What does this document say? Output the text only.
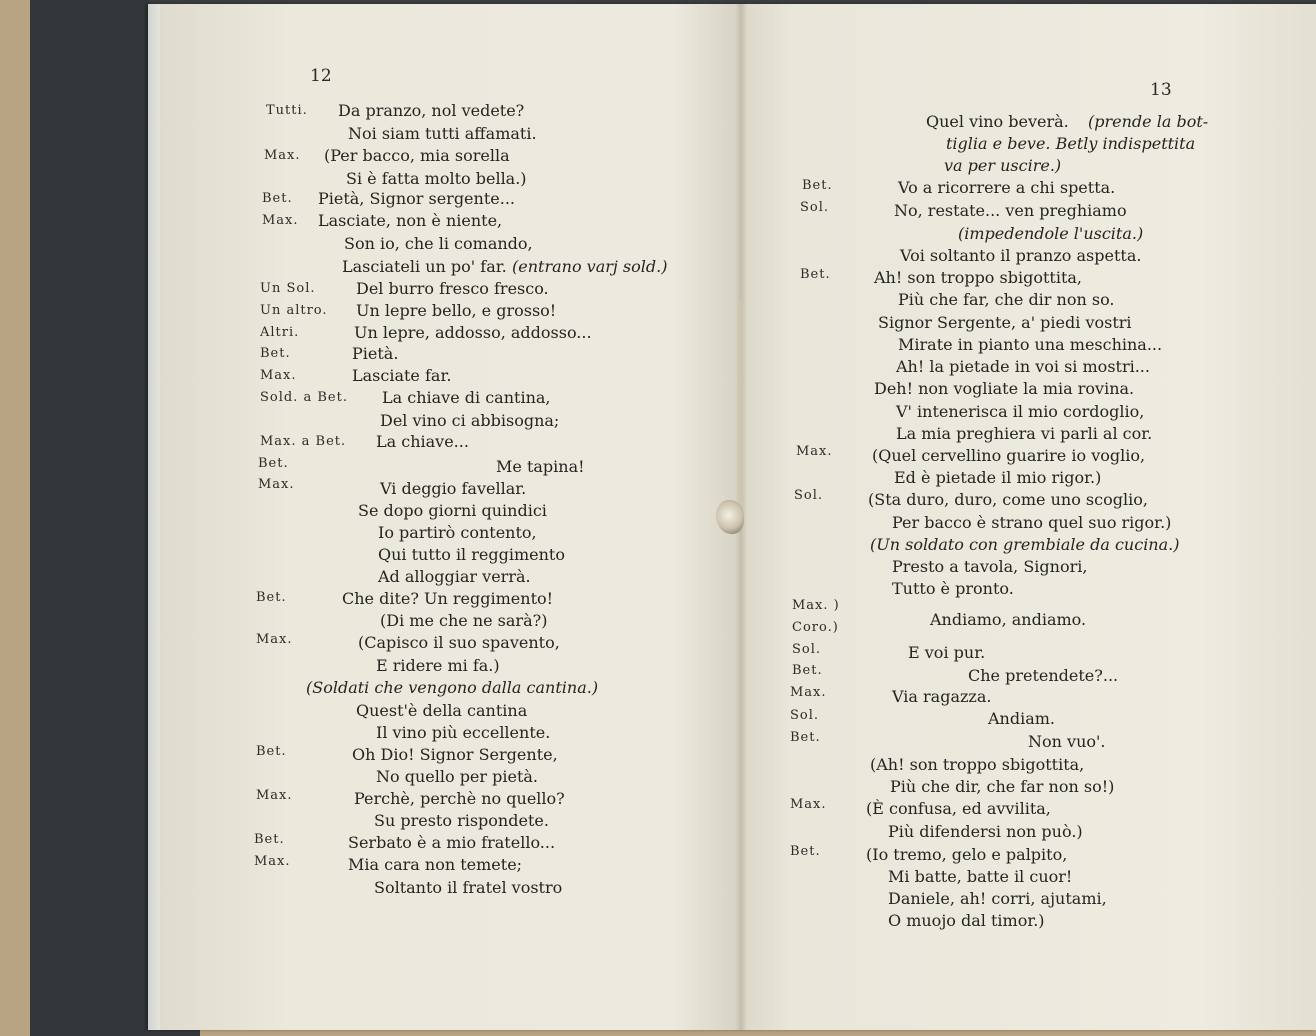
12
Tutti. Da pranzo, nol vedete?
Noi siam tutti affamati.
Max. (Per bacco, mia sorella
Si è fatta molto bella.)
Bet. Pietà, Signor sergente...
Max. Lasciate, non è niente,
Son io, che li comando,
Lasciateli un po' far. (entrano varj sold.)
Un Sol.	Del burro fresco fresco.
Un altro. Un lepre bello, e grosso!
Altri.	Un lepre, addosso, addosso...
Bet.	Pietà.
Max.	Lasciate far.
Sold. a Bet. La chiave di cantina,
Del vino ci abbisogna;
Max. a Bet. La chiave...
Bet.	Me tapina!
Max.	Vi deggio favellar.
Se dopo giorni quindici
Io partirò contento,
Qui tutto il reggimento
Ad alloggiar verrà.
Bet.	Che dite? Un reggimento!
(Di me che ne sarà?)
Max.	(Capisco il suo spavento,
E ridere mi fa.)
(Soldati che vengono dalla cantina.)
Quest'è della cantina
Il vino più eccellente.
Bet.	Oh Dio! Signor Sergente,
No quello per pietà.
Max.	Perchè, perchè no quello?
Su presto rispondete.
Bet.	Serbato è a mio fratello...
Max.	Mia cara non temete;
Soltanto il fratel vostro
13
Quel vino beverà. (prende la bot-
tiglia e beve. Betly indispettita
va per uscire.)
Bet.	Vo a ricorrere a chi spetta.
Sol.	No, restate... ven preghiamo
(impedendole l'uscita.)
Voi soltanto il pranzo aspetta.
Bet.	Ah! son troppo sbigottita,
Più che far, che dir non so.
Signor Sergente, a' piedi vostri
Mirate in pianto una meschina...
Ah! la pietade in voi si mostri...
Deh! non vogliate la mia rovina.
V' intenerisca il mio cordoglio,
La mia preghiera vi parli al cor.
Max. (Quel cervellino guarire io voglio,
Ed è pietade il mio rigor.)
Sol.	(Sta duro, duro, come uno scoglio,
Per bacco è strano quel suo rigor.)
(Un soldato con grembiale da cucina.)
Presto a tavola, Signori,
Tutto è pronto.
Max. )
Coro.)	Andiamo, andiamo.
Sol.	E voi pur.
Bet.	Che pretendete?...
Max.	Via ragazza.
Sol.	Andiam.
Bet.	Non vuo'.
(Ah! son troppo sbigottita,
Più che dir, che far non so!)
Max. (È confusa, ed avvilita,
Più difendersi non può.)
Bet.	(Io tremo, gelo e palpito,
Mi batte, batte il cuor!
Daniele, ah! corri, ajutami,
O muojo dal timor.)
